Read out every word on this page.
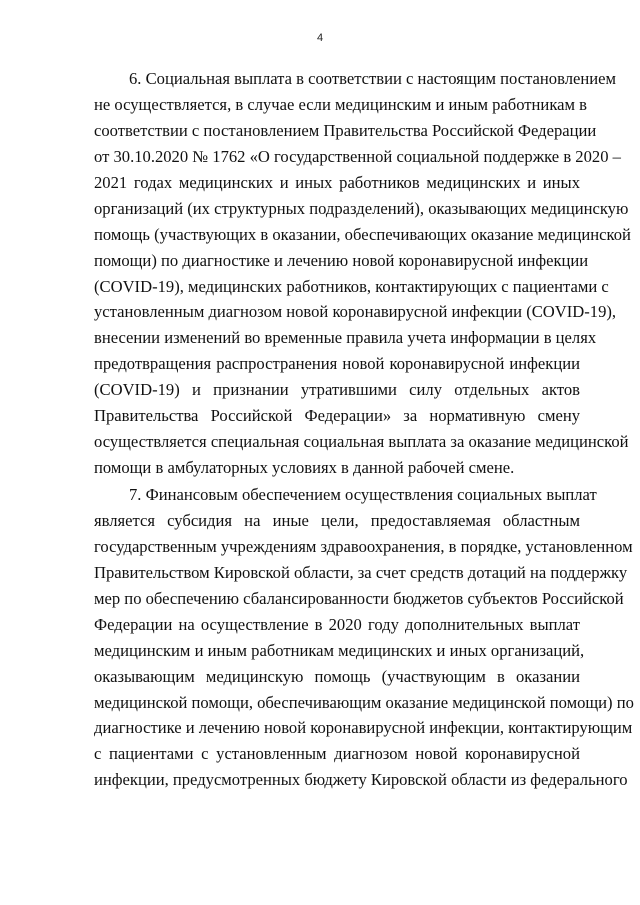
4
6. Социальная выплата в соответствии с настоящим постановлением
не осуществляется, в случае если медицинским и иным работникам в
соответствии с постановлением Правительства Российской Федерации
от 30.10.2020 № 1762 «О государственной социальной поддержке в 2020 –
2021 годах медицинских и иных работников медицинских и иных
организаций (их структурных подразделений), оказывающих медицинскую
помощь (участвующих в оказании, обеспечивающих оказание медицинской
помощи) по диагностике и лечению новой коронавирусной инфекции
(COVID-19), медицинских работников, контактирующих с пациентами с
установленным диагнозом новой коронавирусной инфекции (COVID-19),
внесении изменений во временные правила учета информации в целях
предотвращения распространения новой коронавирусной инфекции
(COVID-19) и признании утратившими силу отдельных актов
Правительства Российской Федерации» за нормативную смену
осуществляется специальная социальная выплата за оказание медицинской
помощи в амбулаторных условиях в данной рабочей смене.
7. Финансовым обеспечением осуществления социальных выплат
является субсидия на иные цели, предоставляемая областным
государственным учреждениям здравоохранения, в порядке, установленном
Правительством Кировской области, за счет средств дотаций на поддержку
мер по обеспечению сбалансированности бюджетов субъектов Российской
Федерации на осуществление в 2020 году дополнительных выплат
медицинским и иным работникам медицинских и иных организаций,
оказывающим медицинскую помощь (участвующим в оказании
медицинской помощи, обеспечивающим оказание медицинской помощи) по
диагностике и лечению новой коронавирусной инфекции, контактирующим
с пациентами с установленным диагнозом новой коронавирусной
инфекции, предусмотренных бюджету Кировской области из федерального
